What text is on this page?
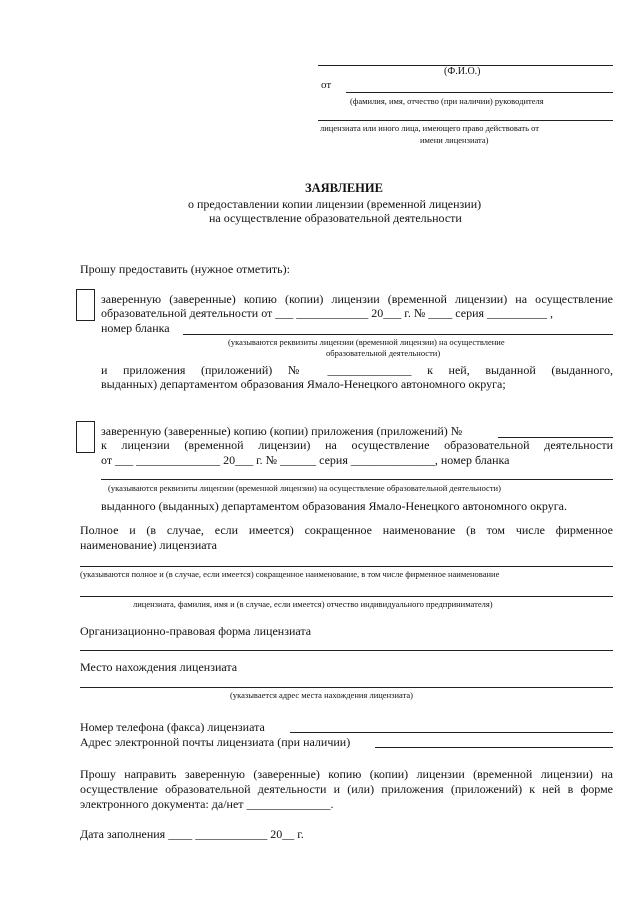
(Ф.И.О.)
от
(фамилия, имя, отчество (при наличии) руководителя
лицензиата или иного лица, имеющего право действовать от
имени лицензиата)
ЗАЯВЛЕНИЕ
о предоставлении копии лицензии (временной лицензии)
на осуществление образовательной деятельности
Прошу предоставить (нужное отметить):
заверенную (заверенные) копию (копии) лицензии (временной лицензии) на осуществление
образовательной деятельности от ___ ____________ 20___ г. № ____ серия __________ ,
номер бланка
(указываются реквизиты лицензии (временной лицензии) на осуществление
образовательной деятельности)
и приложения (приложений) № ______________ к ней, выданной (выданного,
выданных) департаментом образования Ямало-Ненецкого автономного округа;
заверенную (заверенные) копию (копии) приложения (приложений) №
к лицензии (временной лицензии) на осуществление образовательной деятельности
от ___ ______________ 20___ г. № ______ серия ______________, номер бланка
(указываются реквизиты лицензии (временной лицензии) на осуществление образовательной деятельности)
выданного (выданных) департаментом образования Ямало-Ненецкого автономного округа.
Полное и (в случае, если имеется) сокращенное наименование (в том числе фирменное
наименование) лицензиата
(указываются полное и (в случае, если имеется) сокращенное наименование, в том числе фирменное наименование
лицензиата, фамилия, имя и (в случае, если имеется) отчество индивидуального предпринимателя)
Организационно-правовая форма лицензиата
Место нахождения лицензиата
(указывается адрес места нахождения лицензиата)
Номер телефона (факса) лицензиата
Адрес электронной почты лицензиата (при наличии)
Прошу направить заверенную (заверенные) копию (копии) лицензии (временной лицензии) на
осуществление образовательной деятельности и (или) приложения (приложений) к ней в форме
электронного документа: да/нет ______________.
Дата заполнения ____ ____________ 20__ г.
